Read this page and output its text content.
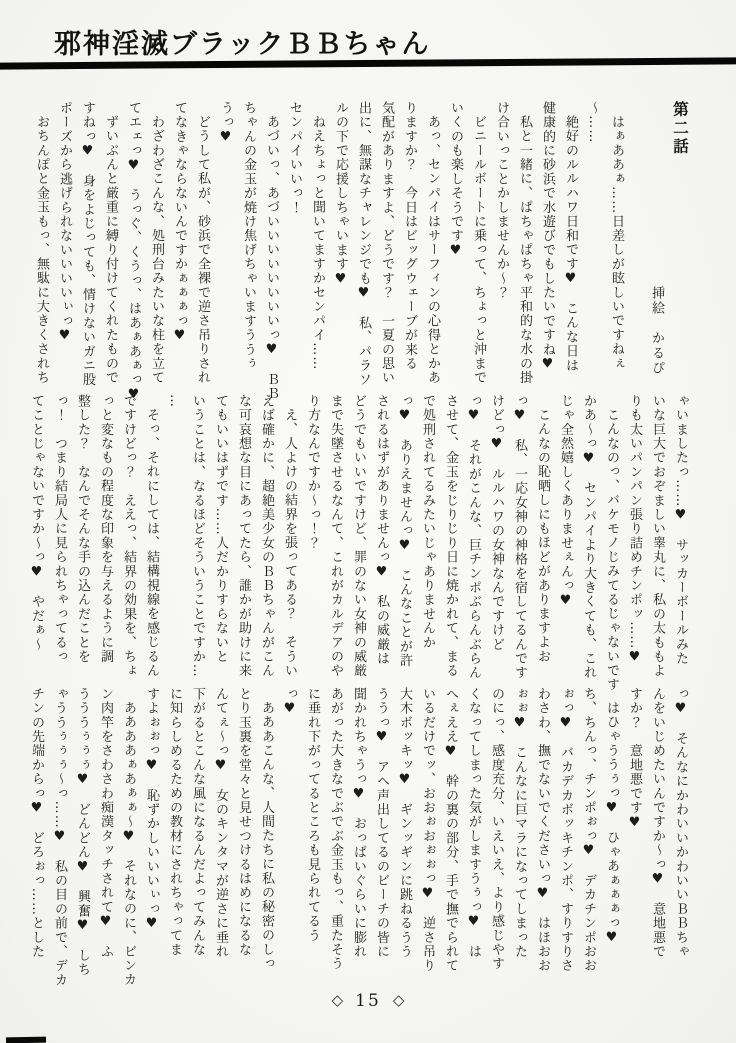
邪神淫滅ブラックＢＢちゃん

第二話

挿絵　かるぴ

はぁああぁ……日差しが眩しいですねぇ

～……

絶好のルルハワ日和です♥　こんな日は

健康的に砂浜で水遊びでもしたいですね♥

私と一緒に、ぱちゃぱちゃ平和的な水の掛

け合いっことかしませんか～？

ビニールボートに乗って、ちょっと沖まで

いくのも楽しそうです♥

あっ、センパイはサーフィンの心得とかあ

りますか？　今日はビッグウェーブが来る

気配がありますよ、どうです？　一夏の思い

出に、無謀なチャレンジでも♥　私、パラソ

ルの下で応援しちゃいます♥

ねえちょっと聞いてますかセンパイ……

センパイいいっ！

あづいっ、あづいいいいいいいいっ♥　ＢＢ

ちゃんの金玉が焼け焦げちゃいますううぅ

うっ♥

どうして私が、砂浜で全裸で逆さ吊りされ

てなきゃならないんですかぁぁぁっ♥

わざわざこんな、処刑台みたいな柱を立て

てエェっ♥　うっぐ、くうっ、はあぁあぁっ♥

ずいぶんと厳重に縛り付けてくれたもので

すねっ♥　身をよじっても、情けないガニ股

ポーズから逃げられないいいいぃっ♥

おちんぽと金玉もっ、無駄に大きくされち

ゃいましたっ……♥　サッカーボールみた

いな巨大でおぞましい睾丸に、私の太ももよ

りも太いパンパン張り詰めチンポッ……♥

こんなのっ、バケモノじみてるじゃないです

かあ～っ♥　センパイより大きくても、これ

じゃ全然嬉しくありませぇんっ♥

こんなの恥晒しにもほどがありますよお

っ♥　私、一応女神の神格を宿してるんです

けどっ♥　ルルハワの女神なんですけど

っ♥　それがこんな、巨チンポぶらんぶらん

させて、金玉をじりじり日に焼かれて、まる

で処刑されてるみたいじゃありませんか

っ♥　ありえませんっ♥　こんなことが許

されるはずがありませんっ♥　私の威厳は

どうでもいいですけど、罪のない女神の威厳

まで失墜させるなんて、これがカルデアのや

り方なんですか～っ！？

え、人よけの結界を張ってある？　そうい

えば確かに、超絶美少女のＢＢちゃんがこん

な可哀想な目にあってたら、誰かが助けに来

てもいいはずです……人だかりすらないと

いうことは、なるほどそういうことですか…

…

そっ、それにしては、結構視線を感じるん

ですけどっ？　ええっ、結界の効果を、ちょ

っと変なもの程度な印象を与えるように調

整した？　なんでそんな手の込んだことを

っ！　つまり結局人に見られちゃってるっ

てことじゃないですか～っ♥　やだぁ～

っ♥　そんなにかわいいかわいいＢＢちゃ

んをいじめたいんですか～っ♥　意地悪で

すか？　意地悪です♥

はひゃううぅっ♥　ひゃあぁぁぁっ♥

ち、ちんっ、チンポぉっ♥　デカチンポおお

ぉっ♥　バカデカボッキチンポ、すりすりさ

わさわ、撫でないでくださいっ♥　はほおお

ぉぉ♥　こんなに巨マラになってしまった

のにっ、感度充分、いえいえ、より感じやす

くなってしまった気がしますうぅっ♥　は

へぇええ♥　幹の裏の部分、手で撫でられて

いるだけでッ、おおぉおぉぉっ♥　逆さ吊り

大木ボッキッ♥　ギンッギンに跳ねるうう

ううっ♥　アヘ声出してるのビーチの皆に

聞かれちゃうっ♥　おっぱいぐらいに膨れ

あがった大きなでぶでぶ金玉もっ、重たそう

に垂れ下がってるところも見られてるう

っ♥

あああこんな、人間たちに私の秘密のしっ

とり玉裏を堂々と見せつけるはめになるな

んてぇ～っ♥　女のキンタマが逆さに垂れ

下がるとこんな風になるんだよってみんな

に知らしめるための教材にされちゃってま

すよぉぉっ♥　恥ずかしいいいぃっ♥

ああああぁあぁぁ～♥　それなのに、ビンカ

ン肉竿をさわさわ痴漢タッチされて♥　ふ

うううぅぅぅ♥　どんどん♥　興奮♥　しち

ゃううぅぅぅ～っ……♥　私の目の前で、デカ

チンの先端からっ♥　どろぉっ……とした

◇ 15 ◇
